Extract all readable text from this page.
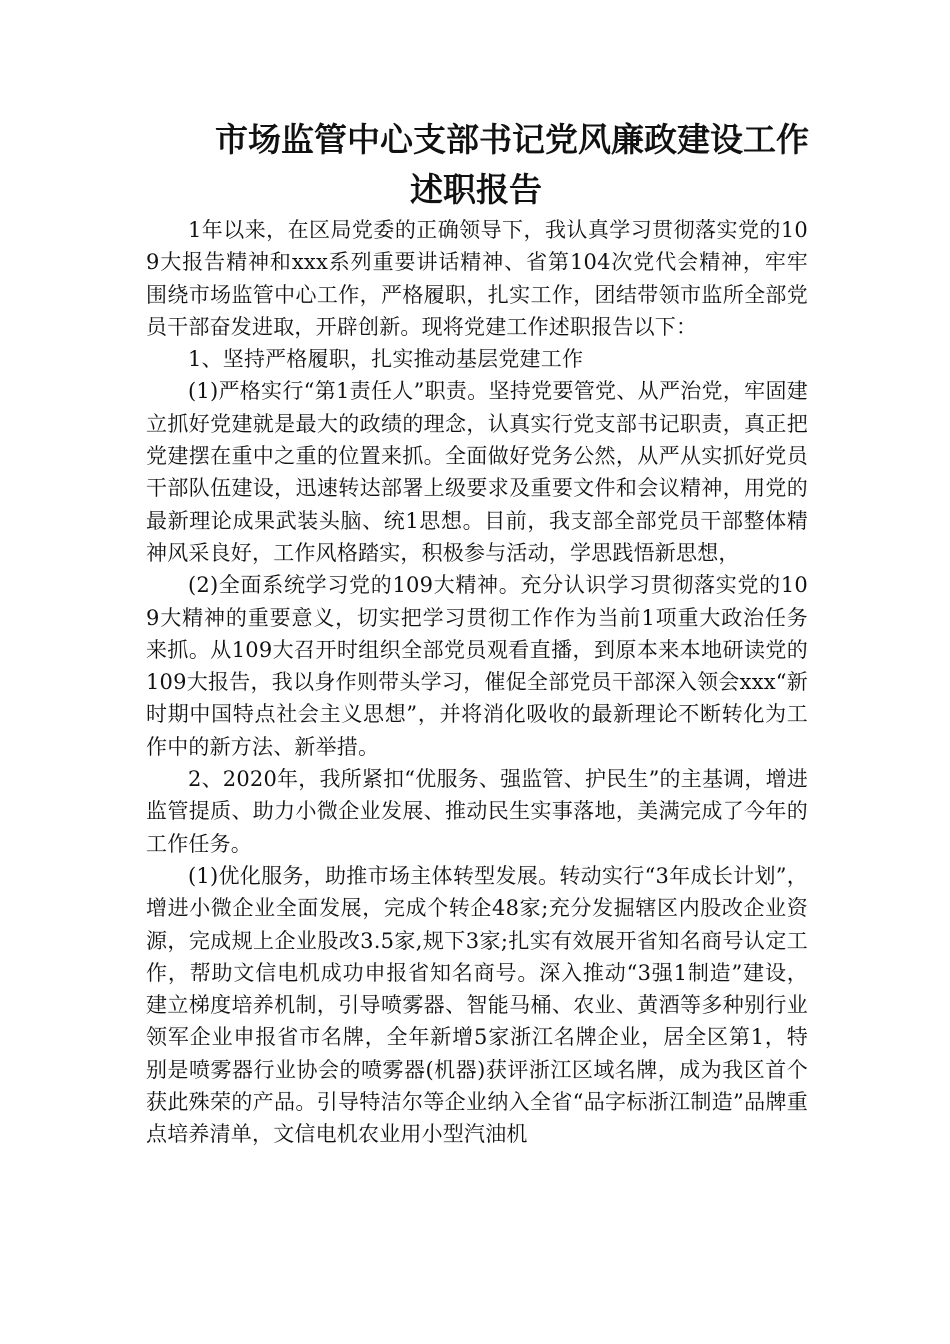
市场监管中心支部书记党风廉政建设工作
述职报告

1年以来，在区局党委的正确领导下，我认真学习贯彻落实党的109大报告精神和xxx系列重要讲话精神、省第104次党代会精神，牢牢围绕市场监管中心工作，严格履职，扎实工作，团结带领市监所全部党员干部奋发进取，开辟创新。现将党建工作述职报告以下：

1、坚持严格履职，扎实推动基层党建工作

(1)严格实行“第1责任人”职责。坚持党要管党、从严治党，牢固建立抓好党建就是最大的政绩的理念，认真实行党支部书记职责，真正把党建摆在重中之重的位置来抓。全面做好党务公然，从严从实抓好党员干部队伍建设，迅速转达部署上级要求及重要文件和会议精神，用党的最新理论成果武装头脑、统1思想。目前，我支部全部党员干部整体精神风采良好，工作风格踏实，积极参与活动，学思践悟新思想，

(2)全面系统学习党的109大精神。充分认识学习贯彻落实党的109大精神的重要意义，切实把学习贯彻工作作为当前1项重大政治任务来抓。从109大召开时组织全部党员观看直播，到原本来本地研读党的109大报告，我以身作则带头学习，催促全部党员干部深入领会xxx“新时期中国特点社会主义思想”，并将消化吸收的最新理论不断转化为工作中的新方法、新举措。

2、2020年，我所紧扣“优服务、强监管、护民生”的主基调，增进监管提质、助力小微企业发展、推动民生实事落地，美满完成了今年的工作任务。

(1)优化服务，助推市场主体转型发展。转动实行“3年成长计划”，增进小微企业全面发展，完成个转企48家;充分发掘辖区内股改企业资源，完成规上企业股改3.5家,规下3家;扎实有效展开省知名商号认定工作，帮助文信电机成功申报省知名商号。深入推动“3强1制造”建设，建立梯度培养机制，引导喷雾器、智能马桶、农业、黄酒等多种别行业领军企业申报省市名牌，全年新增5家浙江名牌企业，居全区第1，特别是喷雾器行业协会的喷雾器(机器)获评浙江区域名牌，成为我区首个获此殊荣的产品。引导特洁尔等企业纳入全省“品字标浙江制造”品牌重点培养清单，文信电机农业用小型汽油机
